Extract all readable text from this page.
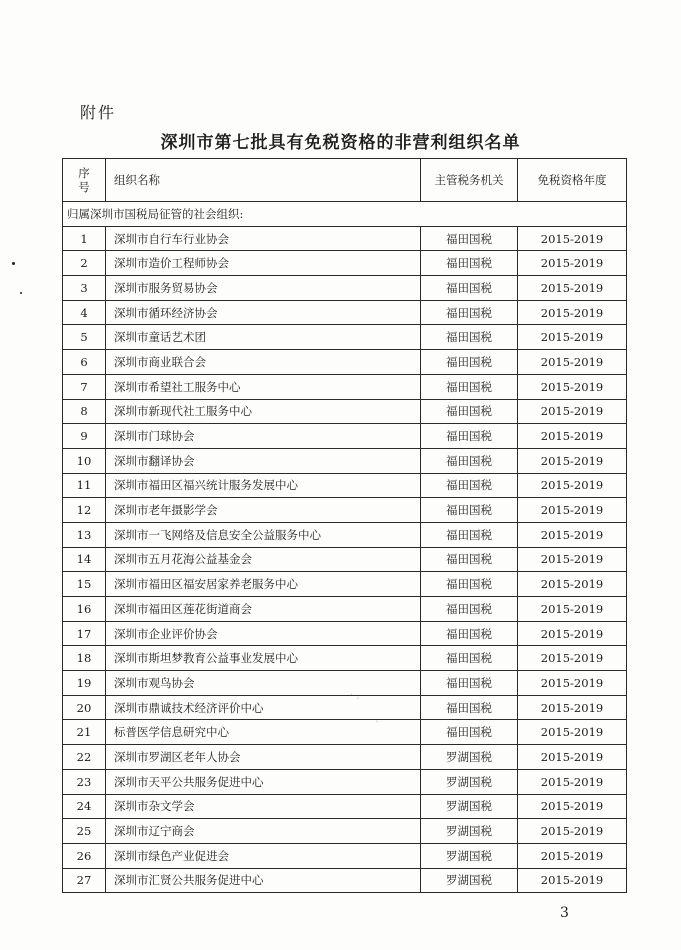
附件
深圳市第七批具有免税资格的非营利组织名单
· ,
、
序号	组织名称	主管税务机关	免税资格年度
归属深圳市国税局征管的社会组织:			
1	深圳市自行车行业协会	福田国税	2015-2019
2	深圳市造价工程师协会	福田国税	2015-2019
3	深圳市服务贸易协会	福田国税	2015-2019
4	深圳市循环经济协会	福田国税	2015-2019
5	深圳市童话艺术团	福田国税	2015-2019
6	深圳市商业联合会	福田国税	2015-2019
7	深圳市希望社工服务中心	福田国税	2015-2019
8	深圳市新现代社工服务中心	福田国税	2015-2019
9	深圳市门球协会	福田国税	2015-2019
10	深圳市翻译协会	福田国税	2015-2019
11	深圳市福田区福兴统计服务发展中心	福田国税	2015-2019
12	深圳市老年摄影学会	福田国税	2015-2019
13	深圳市一飞网络及信息安全公益服务中心	福田国税	2015-2019
14	深圳市五月花海公益基金会	福田国税	2015-2019
15	深圳市福田区福安居家养老服务中心	福田国税	2015-2019
16	深圳市福田区莲花街道商会	福田国税	2015-2019
17	深圳市企业评价协会	福田国税	2015-2019
18	深圳市斯坦梦教育公益事业发展中心	福田国税	2015-2019
19	深圳市观鸟协会	福田国税	2015-2019
20	深圳市鼎诚技术经济评价中心	福田国税	2015-2019
21	标普医学信息研究中心	福田国税	2015-2019
22	深圳市罗湖区老年人协会	罗湖国税	2015-2019
23	深圳市天平公共服务促进中心	罗湖国税	2015-2019
24	深圳市杂文学会	罗湖国税	2015-2019
25	深圳市辽宁商会	罗湖国税	2015-2019
26	深圳市绿色产业促进会	罗湖国税	2015-2019
27	深圳市汇贤公共服务促进中心	罗湖国税	2015-2019
3
